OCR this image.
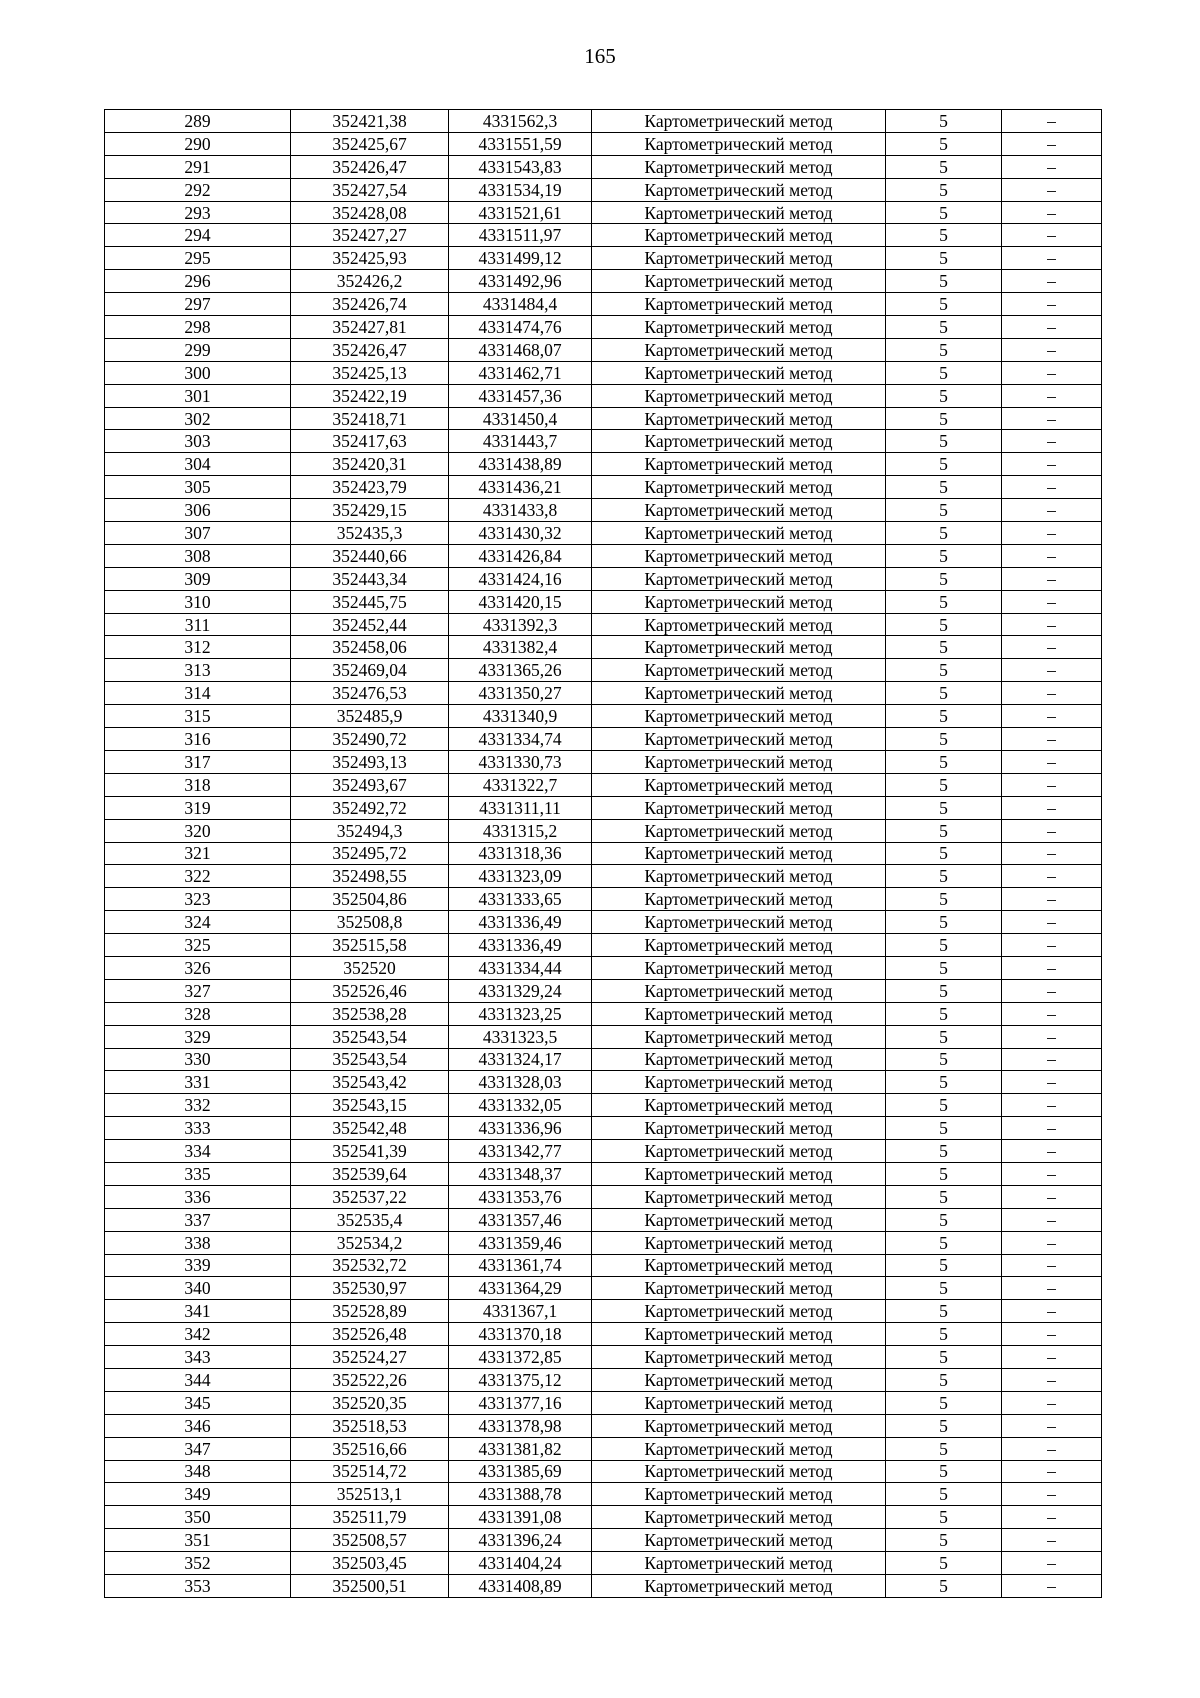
165
289	352421,38	4331562,3	Картометрический метод	5	–
290	352425,67	4331551,59	Картометрический метод	5	–
291	352426,47	4331543,83	Картометрический метод	5	–
292	352427,54	4331534,19	Картометрический метод	5	–
293	352428,08	4331521,61	Картометрический метод	5	–
294	352427,27	4331511,97	Картометрический метод	5	–
295	352425,93	4331499,12	Картометрический метод	5	–
296	352426,2	4331492,96	Картометрический метод	5	–
297	352426,74	4331484,4	Картометрический метод	5	–
298	352427,81	4331474,76	Картометрический метод	5	–
299	352426,47	4331468,07	Картометрический метод	5	–
300	352425,13	4331462,71	Картометрический метод	5	–
301	352422,19	4331457,36	Картометрический метод	5	–
302	352418,71	4331450,4	Картометрический метод	5	–
303	352417,63	4331443,7	Картометрический метод	5	–
304	352420,31	4331438,89	Картометрический метод	5	–
305	352423,79	4331436,21	Картометрический метод	5	–
306	352429,15	4331433,8	Картометрический метод	5	–
307	352435,3	4331430,32	Картометрический метод	5	–
308	352440,66	4331426,84	Картометрический метод	5	–
309	352443,34	4331424,16	Картометрический метод	5	–
310	352445,75	4331420,15	Картометрический метод	5	–
311	352452,44	4331392,3	Картометрический метод	5	–
312	352458,06	4331382,4	Картометрический метод	5	–
313	352469,04	4331365,26	Картометрический метод	5	–
314	352476,53	4331350,27	Картометрический метод	5	–
315	352485,9	4331340,9	Картометрический метод	5	–
316	352490,72	4331334,74	Картометрический метод	5	–
317	352493,13	4331330,73	Картометрический метод	5	–
318	352493,67	4331322,7	Картометрический метод	5	–
319	352492,72	4331311,11	Картометрический метод	5	–
320	352494,3	4331315,2	Картометрический метод	5	–
321	352495,72	4331318,36	Картометрический метод	5	–
322	352498,55	4331323,09	Картометрический метод	5	–
323	352504,86	4331333,65	Картометрический метод	5	–
324	352508,8	4331336,49	Картометрический метод	5	–
325	352515,58	4331336,49	Картометрический метод	5	–
326	352520	4331334,44	Картометрический метод	5	–
327	352526,46	4331329,24	Картометрический метод	5	–
328	352538,28	4331323,25	Картометрический метод	5	–
329	352543,54	4331323,5	Картометрический метод	5	–
330	352543,54	4331324,17	Картометрический метод	5	–
331	352543,42	4331328,03	Картометрический метод	5	–
332	352543,15	4331332,05	Картометрический метод	5	–
333	352542,48	4331336,96	Картометрический метод	5	–
334	352541,39	4331342,77	Картометрический метод	5	–
335	352539,64	4331348,37	Картометрический метод	5	–
336	352537,22	4331353,76	Картометрический метод	5	–
337	352535,4	4331357,46	Картометрический метод	5	–
338	352534,2	4331359,46	Картометрический метод	5	–
339	352532,72	4331361,74	Картометрический метод	5	–
340	352530,97	4331364,29	Картометрический метод	5	–
341	352528,89	4331367,1	Картометрический метод	5	–
342	352526,48	4331370,18	Картометрический метод	5	–
343	352524,27	4331372,85	Картометрический метод	5	–
344	352522,26	4331375,12	Картометрический метод	5	–
345	352520,35	4331377,16	Картометрический метод	5	–
346	352518,53	4331378,98	Картометрический метод	5	–
347	352516,66	4331381,82	Картометрический метод	5	–
348	352514,72	4331385,69	Картометрический метод	5	–
349	352513,1	4331388,78	Картометрический метод	5	–
350	352511,79	4331391,08	Картометрический метод	5	–
351	352508,57	4331396,24	Картометрический метод	5	–
352	352503,45	4331404,24	Картометрический метод	5	–
353	352500,51	4331408,89	Картометрический метод	5	–
